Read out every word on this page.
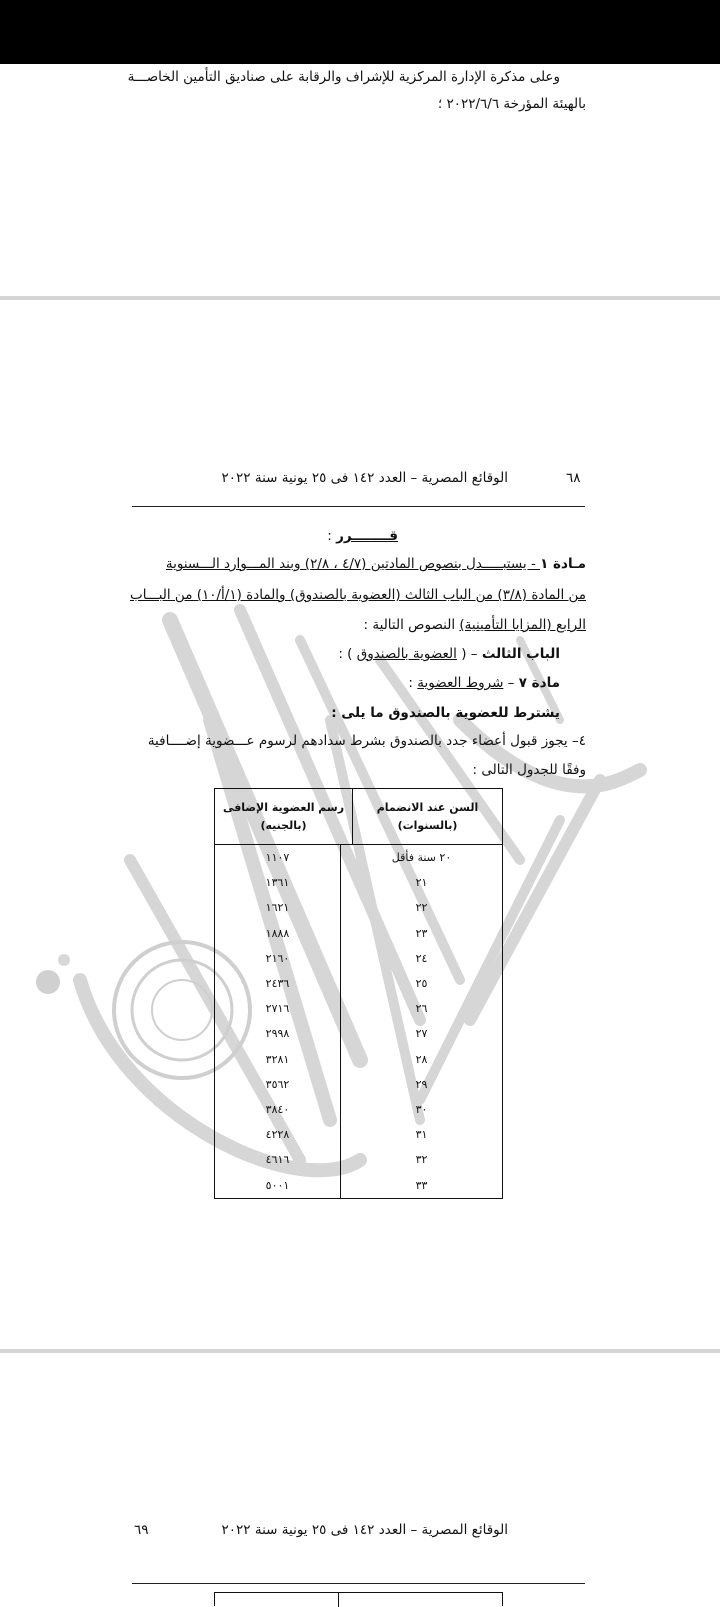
وعلى مذكرة الإدارة المركزية للإشراف والرقابة على صناديق التأمين الخاصـــة
بالهيئة المؤرخة ٢٠٢٢/٦/٦ ؛
٦٨
الوقائع المصرية – العدد ١٤٢ فى ٢٥ يونية سنة ٢٠٢٢
قــــــــرر :
مـادة ١ - يستبـــــدل بنصوص المادتين (٤/٧ ، ٢/٨) وبند المـــوارد الـــسنوية
من المادة (٣/٨) من الباب الثالث (العضوية بالصندوق) والمادة (١/أ/١٠) من البـــاب
الرابع (المزايا التأمينية) النصوص التالية :
الباب الثالث – ( العضوية بالصندوق ) :
مادة ٧ – شروط العضوية :
يشترط للعضوية بالصندوق ما يلى :
٤– يجوز قبول أعضاء جدد بالصندوق بشرط سدادهم لرسوم عـــضوية إضــــافية
وفقًا للجدول التالى :
رسم العضوية الإضافى
(بالجنيه)
السن عند الانضمام (بالسنوات)
١١٠٧	٢٠ سنة فأقل
١٣٦١	٢١
١٦٢١	٢٢
١٨٨٨	٢٣
٢١٦٠	٢٤
٢٤٣٦	٢٥
٢٧١٦	٢٦
٢٩٩٨	٢٧
٣٢٨١	٢٨
٣٥٦٢	٢٩
٣٨٤٠	٣٠
٤٢٢٨	٣١
٤٦١٦	٣٢
٥٠٠١	٣٣
الوقائع المصرية – العدد ١٤٢ فى ٢٥ يونية سنة ٢٠٢٢
٦٩
